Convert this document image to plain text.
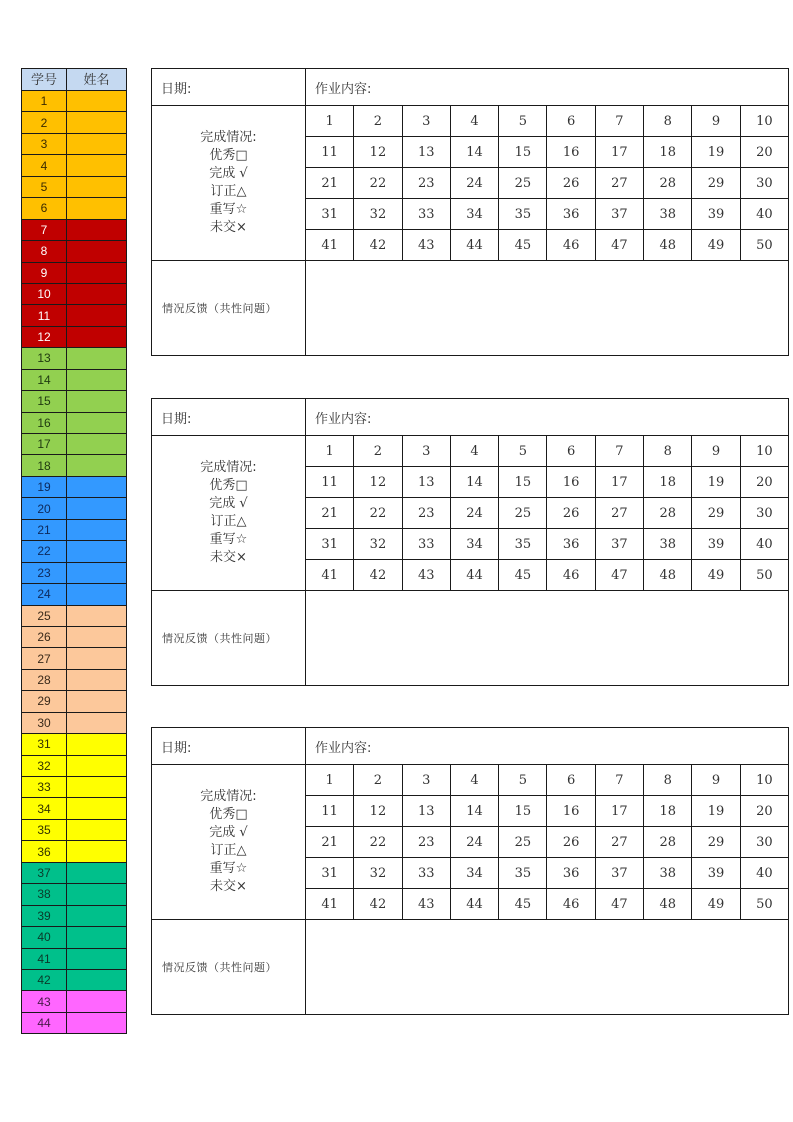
学号	姓名
1	
2	
3	
4	
5	
6	
7	
8	
9	
10	
11	
12	
13	
14	
15	
16	
17	
18	
19	
20	
21	
22	
23	
24	
25	
26	
27	
28	
29	
30	
31	
32	
33	
34	
35	
36	
37	
38	
39	
40	
41	
42	
43	
44	
日期:	作业内容:									

完成情况:
优秀□
完成 √
订正△
重写☆
未交×
	1	2	3	4	5	6	7	8	9	10
	11	12	13	14	15	16	17	18	19	20
	21	22	23	24	25	26	27	28	29	30
	31	32	33	34	35	36	37	38	39	40
	41	42	43	44	45	46	47	48	49	50
情况反馈（共性问题）										
日期:	作业内容:									

完成情况:
优秀□
完成 √
订正△
重写☆
未交×
	1	2	3	4	5	6	7	8	9	10
	11	12	13	14	15	16	17	18	19	20
	21	22	23	24	25	26	27	28	29	30
	31	32	33	34	35	36	37	38	39	40
	41	42	43	44	45	46	47	48	49	50
情况反馈（共性问题）										
日期:	作业内容:									

完成情况:
优秀□
完成 √
订正△
重写☆
未交×
	1	2	3	4	5	6	7	8	9	10
	11	12	13	14	15	16	17	18	19	20
	21	22	23	24	25	26	27	28	29	30
	31	32	33	34	35	36	37	38	39	40
	41	42	43	44	45	46	47	48	49	50
情况反馈（共性问题）										
